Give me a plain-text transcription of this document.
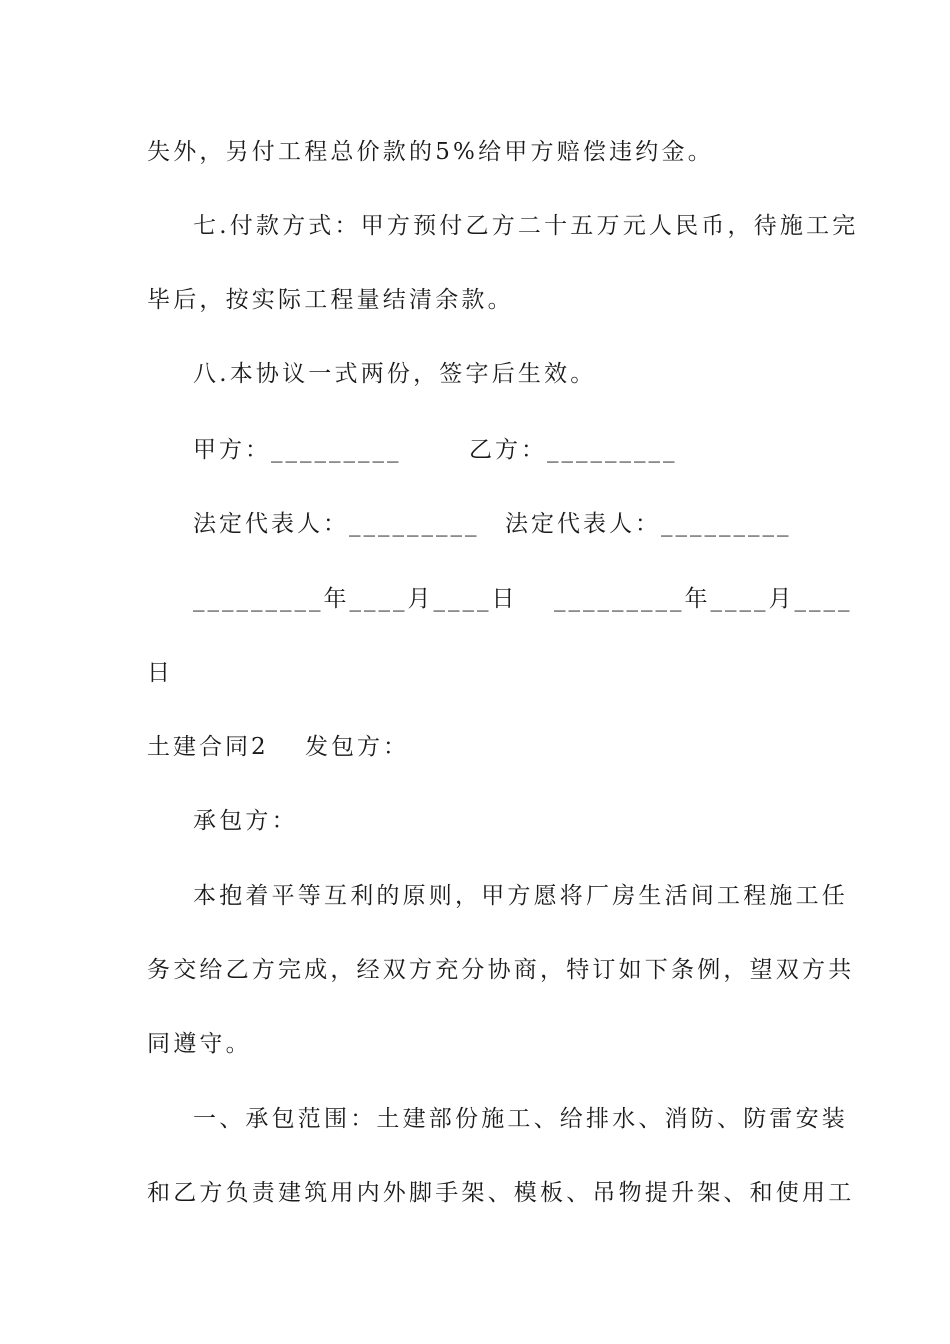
失外，另付工程总价款的5%给甲方赔偿违约金。
七.付款方式：甲方预付乙方二十五万元人民币，待施工完
毕后，按实际工程量结清余款。
八.本协议一式两份，签字后生效。
甲方：_________	乙方：_________
法定代表人：_________ 法定代表人：_________
_________年____月____日 _________年____月____
日
土建合同2 发包方：
承包方：
本抱着平等互利的原则，甲方愿将厂房生活间工程施工任
务交给乙方完成，经双方充分协商，特订如下条例，望双方共
同遵守。
一、承包范围：土建部份施工、给排水、消防、防雷安装
和乙方负责建筑用内外脚手架、模板、吊物提升架、和使用工
